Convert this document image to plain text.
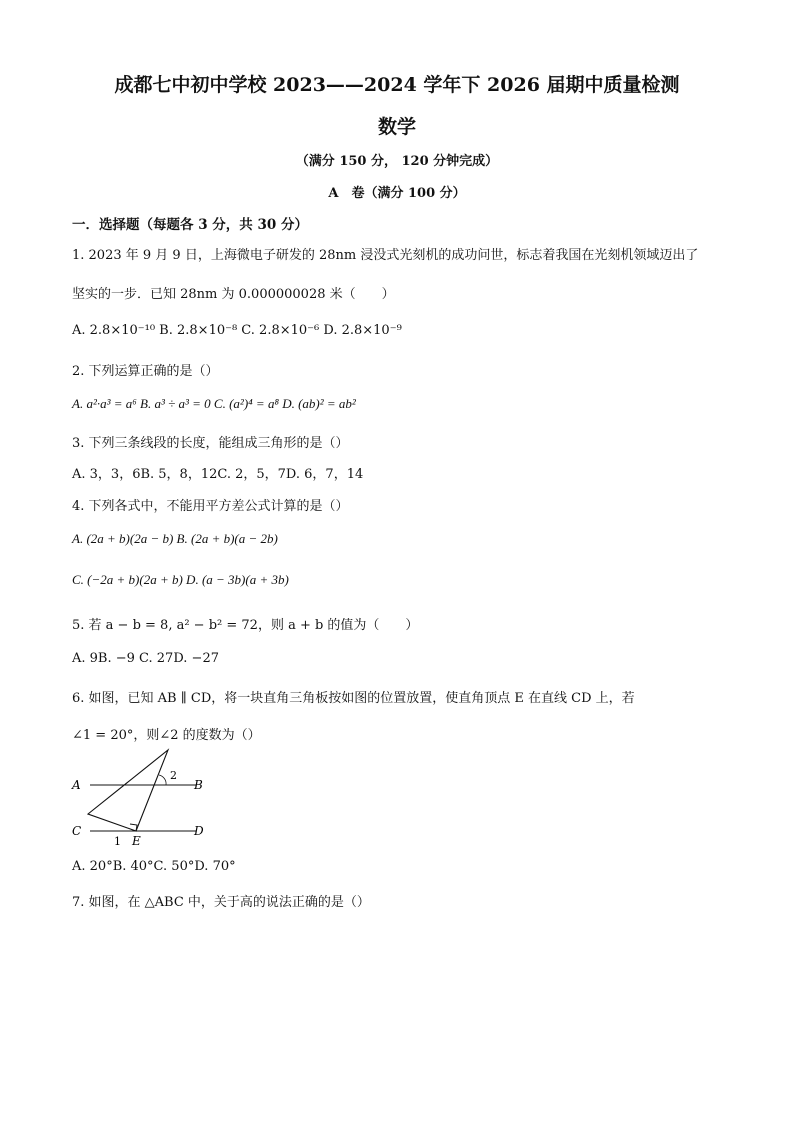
成都七中初中学校 2023——2024 学年下 2026 届期中质量检测
数学
（满分 150 分， 120 分钟完成）
A　卷（满分 100 分）
一．选择题（每题各 3 分，共 30 分）
1. 2023 年 9 月 9 日，上海微电子研发的 28nm 浸没式光刻机的成功问世，标志着我国在光刻机领域迈出了
坚实的一步．已知 28nm 为 0.000000028 米（　　）
A. 2.8×10⁻¹⁰ B. 2.8×10⁻⁸ C. 2.8×10⁻⁶ D. 2.8×10⁻⁹
2. 下列运算正确的是（）
A. a²·a³ = a⁶ B. a³ ÷ a³ = 0 C. (a²)⁴ = a⁸ D. (ab)² = ab²
3. 下列三条线段的长度，能组成三角形的是（）
A. 3，3，6B. 5，8，12C. 2，5，7D. 6，7，14
4. 下列各式中，不能用平方差公式计算的是（）
A. (2a + b)(2a − b) B. (2a + b)(a − 2b)
C. (−2a + b)(2a + b) D. (a − 3b)(a + 3b)
5. 若 a − b = 8, a² − b² = 72，则 a + b 的值为（　　）
A. 9B. −9 C. 27D. −27
6. 如图，已知 AB ∥ CD，将一块直角三角板按如图的位置放置，使直角顶点 E 在直线 CD 上，若
∠1 = 20°，则∠2 的度数为（）
A	B
C	D
E
1
2
A. 20°B. 40°C. 50°D. 70°
7. 如图，在 △ABC 中，关于高的说法正确的是（）
